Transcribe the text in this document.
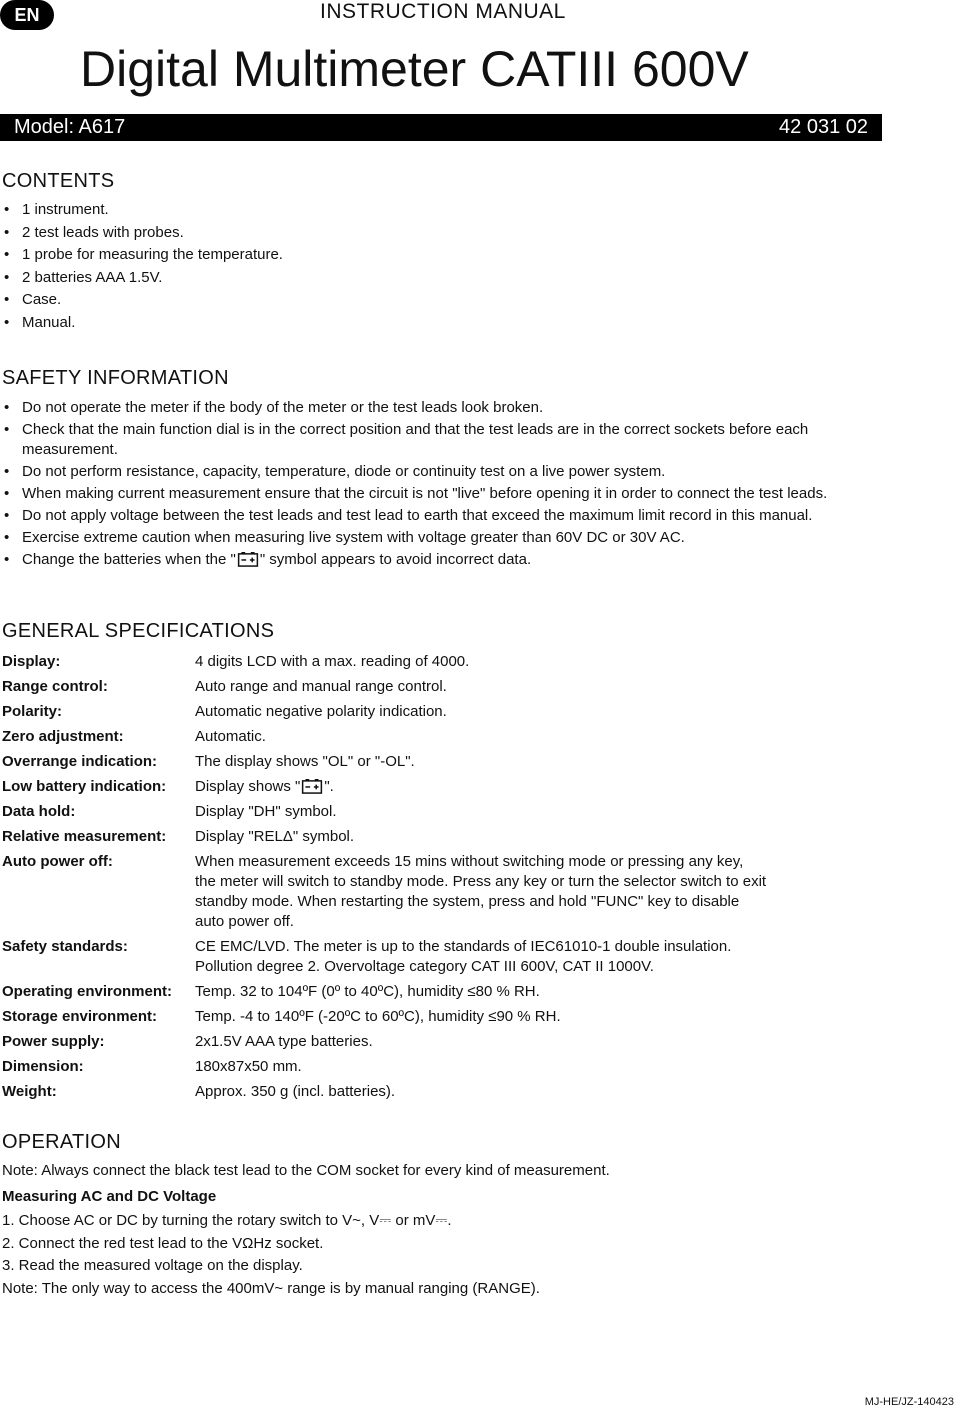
EN	INSTRUCTION MANUAL
Digital Multimeter CATIII 600V
Model: A617	42 031 02
CONTENTS
• 1 instrument.
• 2 test leads with probes.
• 1 probe for measuring the temperature.
• 2 batteries AAA 1.5V.
• Case.
• Manual.
SAFETY INFORMATION
• Do not operate the meter if the body of the meter or the test leads look broken.
• Check that the main function dial is in the correct position and that the test leads are in the correct sockets before each measurement.
• Do not perform resistance, capacity, temperature, diode or continuity test on a live power system.
• When making current measurement ensure that the circuit is not "live" before opening it in order to connect the test leads.
• Do not apply voltage between the test leads and test lead to earth that exceed the maximum limit record in this manual.
• Exercise extreme caution when measuring live system with voltage greater than 60V DC or 30V AC.
• Change the batteries when the " " symbol appears to avoid incorrect data.
GENERAL SPECIFICATIONS
Display:	4 digits LCD with a max. reading of 4000.
Range control:	Auto range and manual range control.
Polarity:	Automatic negative polarity indication.
Zero adjustment:	Automatic.
Overrange indication:	The display shows "OL" or "-OL".
Low battery indication:	Display shows " ".
Data hold:	Display "DH" symbol.
Relative measurement:	Display "RELΔ" symbol.
Auto power off:	When measurement exceeds 15 mins without switching mode or pressing any key,
the meter will switch to standby mode. Press any key or turn the selector switch to exit
standby mode. When restarting the system, press and hold "FUNC" key to disable
auto power off.

Safety standards:	CE EMC/LVD. The meter is up to the standards of IEC61010-1 double insulation.
Pollution degree 2. Overvoltage category CAT III 600V, CAT II 1000V.

Operating environment:	Temp. 32 to 104ºF (0º to 40ºC), humidity ≤80 % RH.
Storage environment:	Temp. -4 to 140ºF (-20ºC to 60ºC), humidity ≤90 % RH.
Power supply:	2x1.5V AAA type batteries.
Dimension:	180x87x50 mm.
Weight:	Approx. 350 g (incl. batteries).
OPERATION
Note: Always connect the black test lead to the COM socket for every kind of measurement.
Measuring AC and DC Voltage
1. Choose AC or DC by turning the rotary switch to V~, V⎓ or mV⎓.
2. Connect the red test lead to the VΩHz socket.
3. Read the measured voltage on the display.
Note: The only way to access the 400mV~ range is by manual ranging (RANGE).
MJ-HE/JZ-140423
